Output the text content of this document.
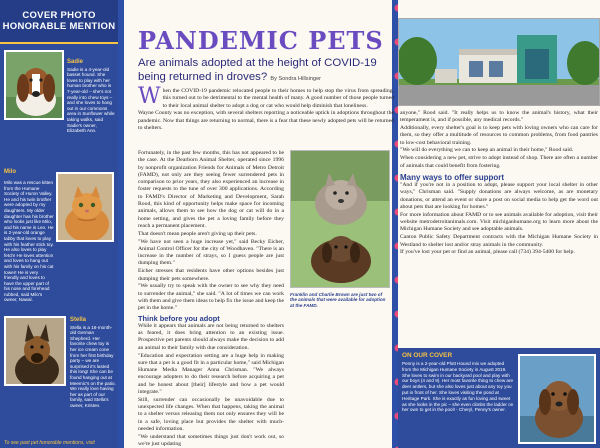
COVER PHOTO
HONORABLE MENTION
Sadie
Sadie is a 4-year-old basset hound. She loves to play with her human brother who is 7-year-old – she's not really into chew toys – and she loves to hang out in our commons area in Sunflower while taking walks, said Sadie's owner, Elizabeth Ann.
Milo
Milo was a rescue kitten from the Humane Society of Huron Valley. He and his twin brother were adopted by my daughters. My older daughter has his brother who looks just like Milo, and his name is Leo. He is 2-year-old orange tabby that loves to play with his feather stick toy. He also loves to play fetch! He loves attention and loves to hang out with his family on his cat tower! He is very friendly and loves to have the upper part of his nose and forehead rubbed, said Milo's owner, Nawal.
Stella
Stella is a 16-month-old German Shepherd. Her favorite chew toy is her ice cream cone from her first birthday party – we are surprised it's lasted this long! She can be found hanging out at Meemic's on the patio. We really love having her as part of our family, said Stella's owner, Kristen.
To see past pet honorable mentions, visit
PANDEMIC PETS
Are animals adopted at the height of COVID-19 being returned in droves? By Sondra Hillsinger

When the COVID-19 pandemic relocated people to their homes to help stop the virus from spreading, this turned out to be detrimental to the mental health of many. A good number of those people turned to their local animal shelter to adopt a dog or cat who would help diminish that loneliness.

Wayne County was no exception, with several shelters reporting a noticeable uptick in adoptions throughout the pandemic. Now that things are returning to normal, there is a fear that these newly adopted pets will be returned to shelters.

Fortunately, in the past few months, this has not appeared to be the case. At the Dearborn Animal Shelter, operated since 1996 by nonprofit organization Friends for Animals of Metro Detroit (FAMD), not only are they seeing fewer surrendered pets in comparison to prior years, they also experienced an increase in foster requests to the tune of over 300 applications. According to FAMD's Director of Marketing and Development, Sarah Rood, this kind of opportunity helps make space for incoming animals, allows them to see how the dog or cat will do in a home setting, and gives the pet a loving family before they reach a permanent placement.

That doesn't mean people aren't giving up their pets.

"We have not seen a huge increase yet," said Becky Eicher, Animal Control Officer for the city of Woodhaven. "There is an increase in the number of strays, so I guess people are just dumping them."

Eicher stresses that residents have other options besides just dumping their pets somewhere.

"We usually try to speak with the owner to see why they need to surrender the animal," she said. "A lot of times we can work with them and give them ideas to help fix the issue and keep the pet in the home."

Think before you adopt

While it appears that animals are not being returned to shelters as feared, it does bring attention to an existing issue. Prospective pet parents should always make the decision to add an animal to their family with due consideration.

"Education and expectation setting are a huge help in making sure that a pet is a good fit in a particular home," said Michigan Humane Media Manager Anna Chrisman. "We always encourage adopters to do their research before acquiring a pet and be honest about [their] lifestyle and how a pet would integrate."

Still, surrender can occasionally be unavoidable due to unexpected life changes. When that happens, taking the animal to a shelter versus releasing them not only ensures they will be in a safe, loving place but provides the shelter with much-needed information.

"We understand that sometimes things just don't work out, so we're just updating

Franklin and Charlie Brown are just two of the animals that were available for adoption at the FAMD.

anyone," Rood said. "It really helps us to know the animal's history, what their temperament is, and if possible, any medical records."

Additionally, every shelter's goal is to keep pets with loving owners who can care for them, so they offer a multitude of resources to common problems, from food pantries to low-cost behavioral training.

"We will do everything we can to keep an animal in their home," Rood said.

When considering a new pet, strive to adopt instead of shop. There are often a number of animals that could benefit from fostering.

Many ways to offer support

"And if you're not in a position to adopt, please support your local shelter in other ways," Chrisman said. "Supply donations are always welcome, as are monetary donations, or attend an event or share a post on social media to help get the word out about pets that are looking for homes."

For more information about FAMD or to see animals available for adoption, visit their website metrodetroitanimals.com. Visit michiganhumane.org to learn more about the Michigan Humane Society and see adoptable animals.

Canton Public Safety Department contracts with the Michigan Humane Society in Westland to shelter lost and/or stray animals in the community.

If you've lost your pet or find an animal, please call (734) 394-5400 for help.

ON OUR COVER
Penny is a 2-year-old Plott Hound mix we adopted from the Michigan Humane Society in August 2019. She loves to swim in our backyard pool and play with our boys (4 and 9). Her most favorite thing to chew are deer antlers, but she also loves just about any toy you put in front of her. She loves visiting the pond at Heritage Park. She is exactly as fun loving and sweet as she looks in the pic – she even climbs the ladder on her own to get in the pool! - Cheryl, Penny's owner.
